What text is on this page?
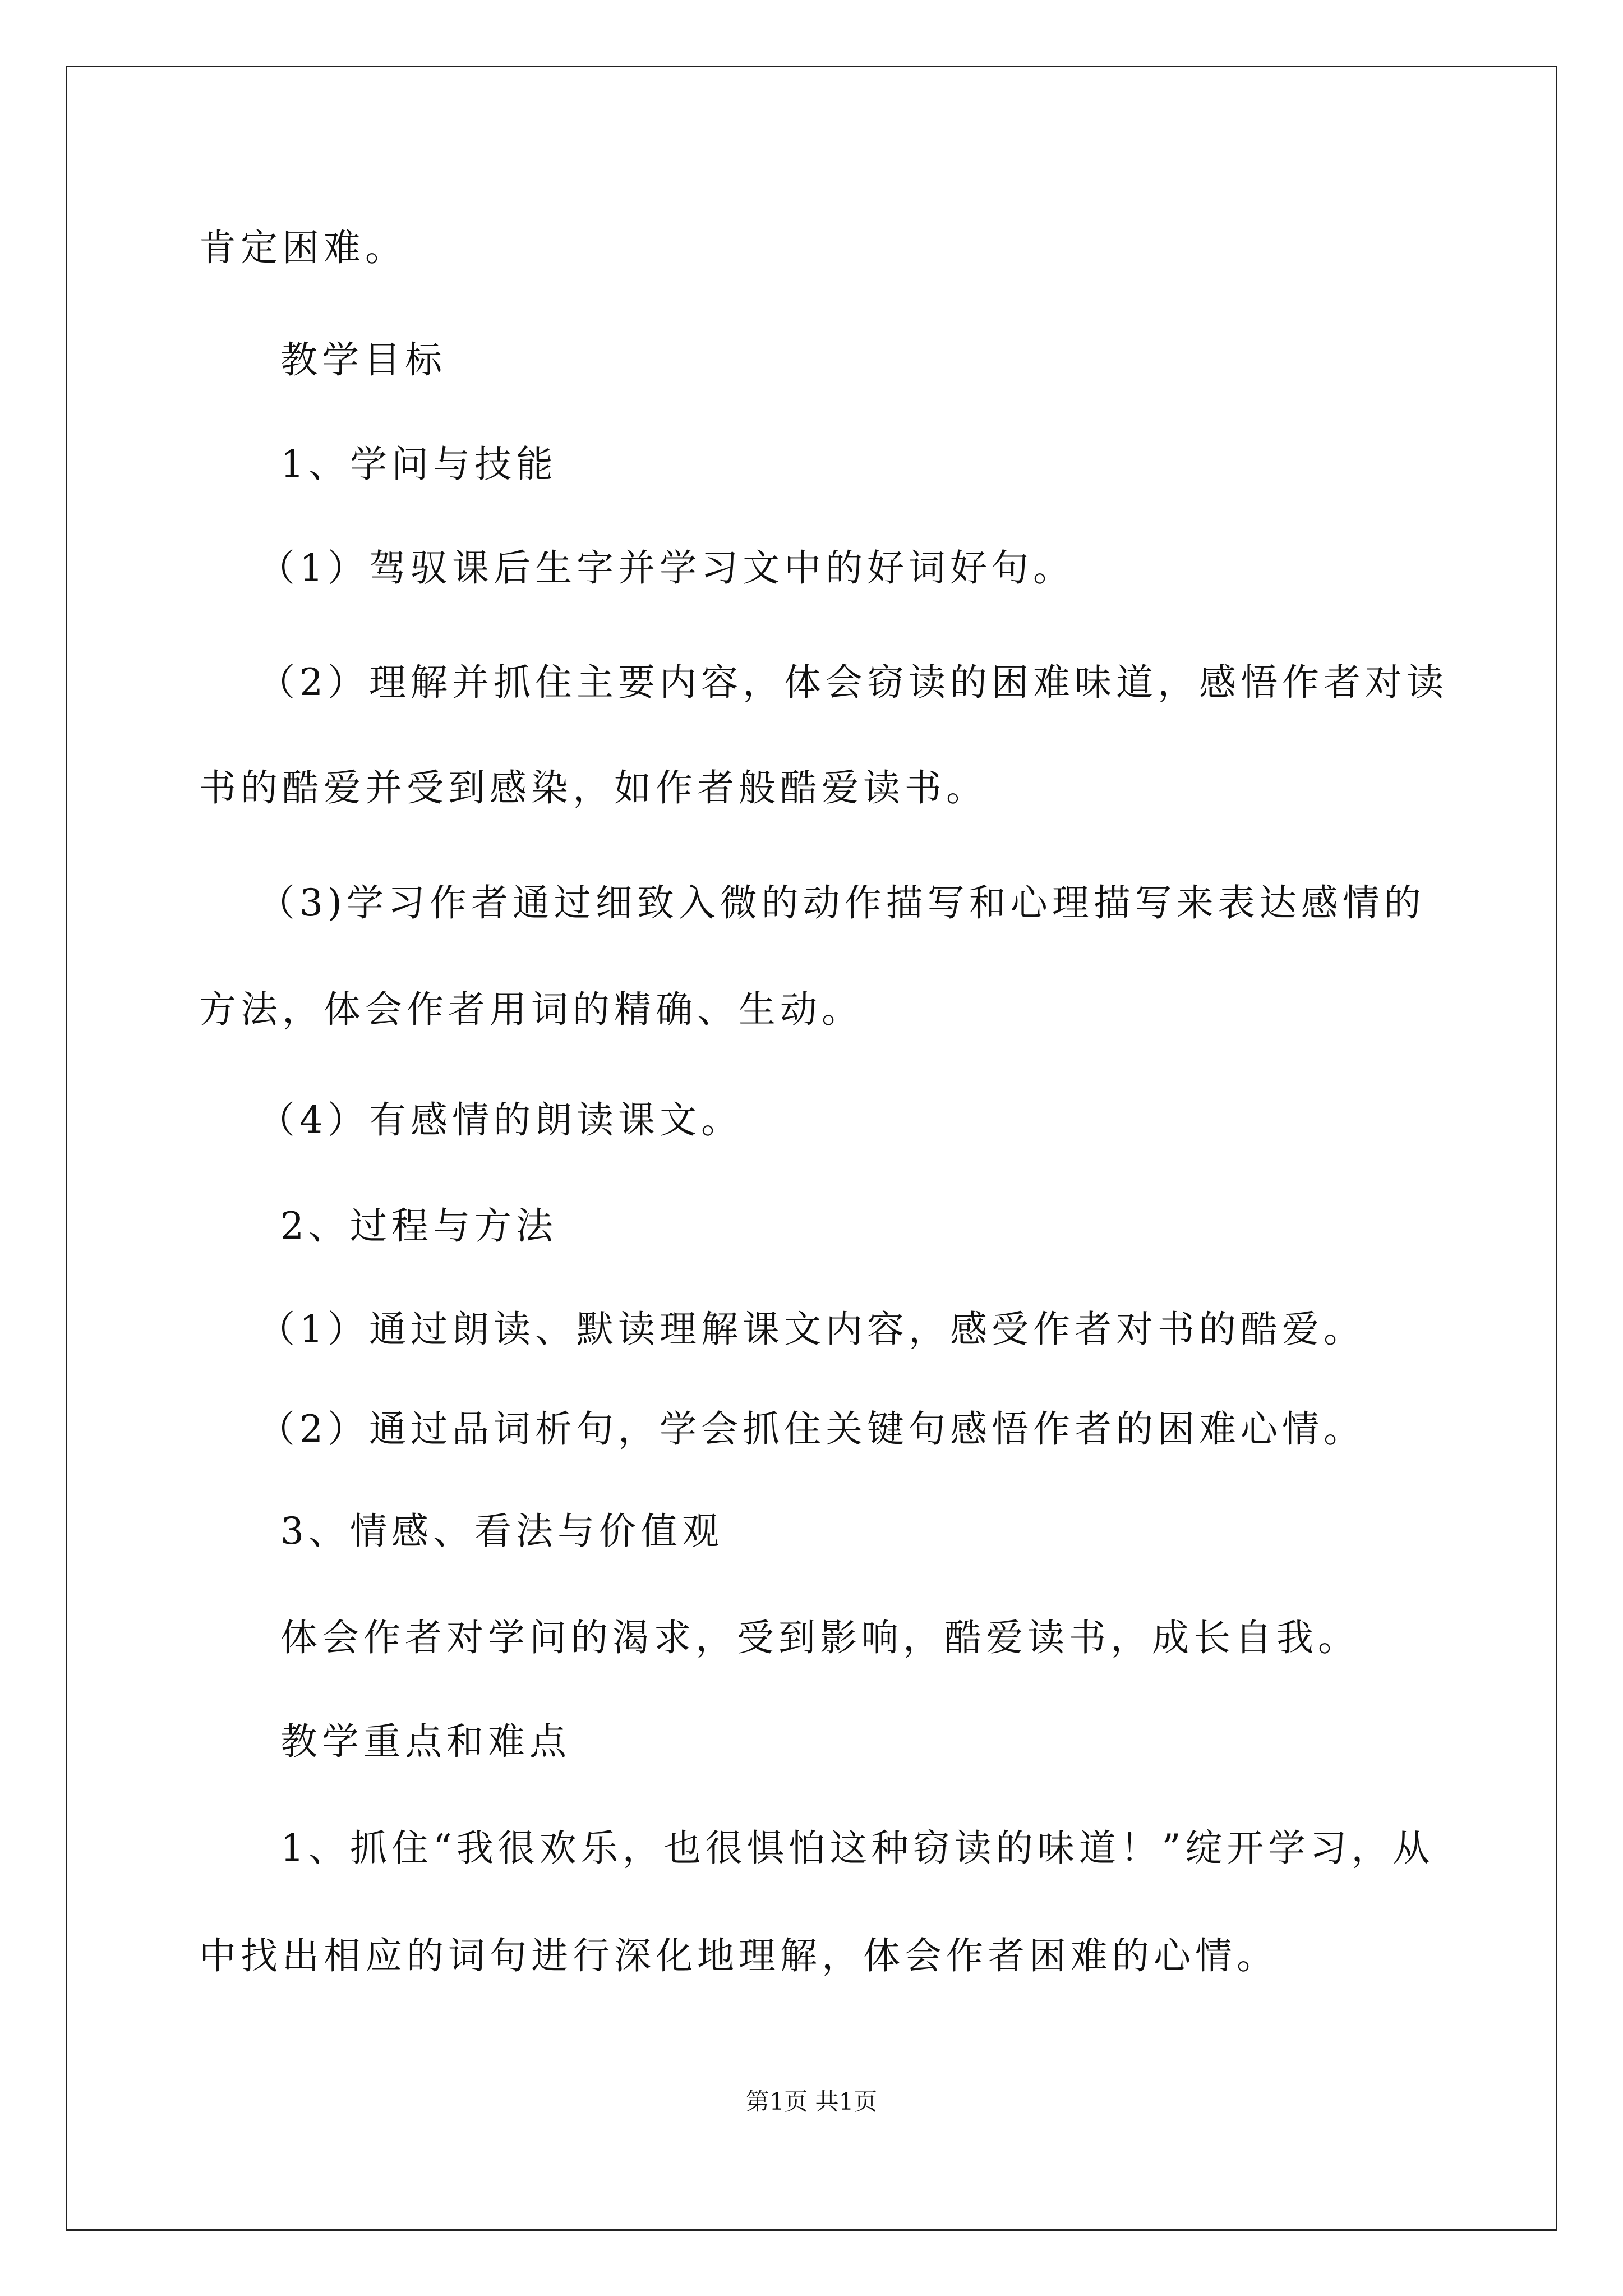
肯定困难。
教学目标
1、学问与技能
（1）驾驭课后生字并学习文中的好词好句。
（2）理解并抓住主要内容，体会窃读的困难味道，感悟作者对读
书的酷爱并受到感染，如作者般酷爱读书。
（3)学习作者通过细致入微的动作描写和心理描写来表达感情的
方法，体会作者用词的精确、生动。
（4）有感情的朗读课文。
2、过程与方法
（1）通过朗读、默读理解课文内容，感受作者对书的酷爱。
（2）通过品词析句，学会抓住关键句感悟作者的困难心情。
3、情感、看法与价值观
体会作者对学问的渴求，受到影响，酷爱读书，成长自我。
教学重点和难点
1、抓住“我很欢乐，也很惧怕这种窃读的味道！”绽开学习，从
中找出相应的词句进行深化地理解，体会作者困难的心情。
第1页 共1页
